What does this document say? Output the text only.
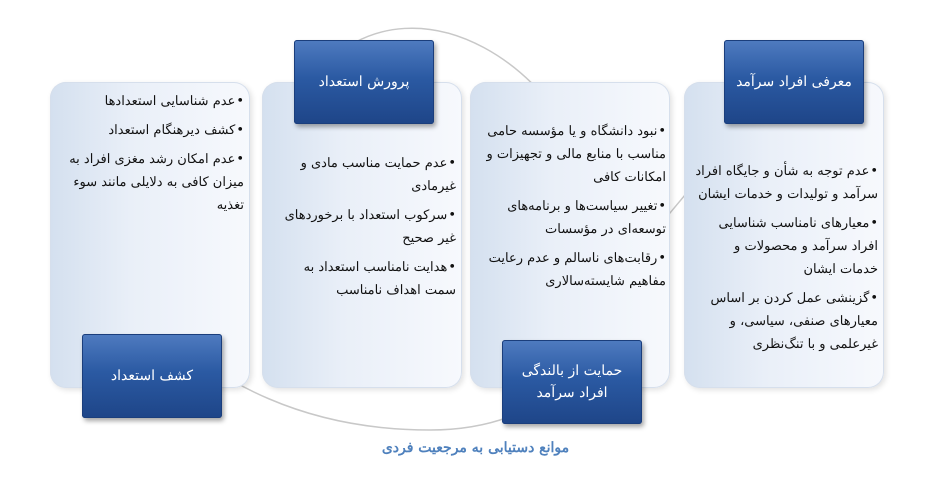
• عدم توجه به شأن و جایگاه افراد سرآمد و تولیدات و خدمات ایشان
• معیارهای نامناسب شناسایی افراد سرآمد و محصولات و خدمات ایشان
• گزینشی عمل کردن بر اساس معیارهای صنفی، سیاسی، و غیرعلمی و با تنگ‌نظری
معرفی افراد سرآمد
• نبود دانشگاه و یا مؤسسه حامی مناسب با منابع مالی و تجهیزات و امکانات کافی
• تغییر سیاست‌ها و برنامه‌های توسعه‌ای در مؤسسات
• رقابت‌های ناسالم و عدم رعایت مفاهیم شایسته‌سالاری
حمایت از بالندگی افراد سرآمد
• عدم حمایت مناسب مادی و غیرمادی
• سرکوب استعداد با برخوردهای غیر صحیح
• هدایت نامناسب استعداد به سمت اهداف نامناسب
پرورش استعداد
• عدم شناسایی استعدادها
• کشف دیرهنگام استعداد
• عدم امکان رشد مغزی افراد به میزان کافی به دلایلی مانند سوء تغذیه
کشف استعداد
موانع دستیابی به مرجعیت فردی
